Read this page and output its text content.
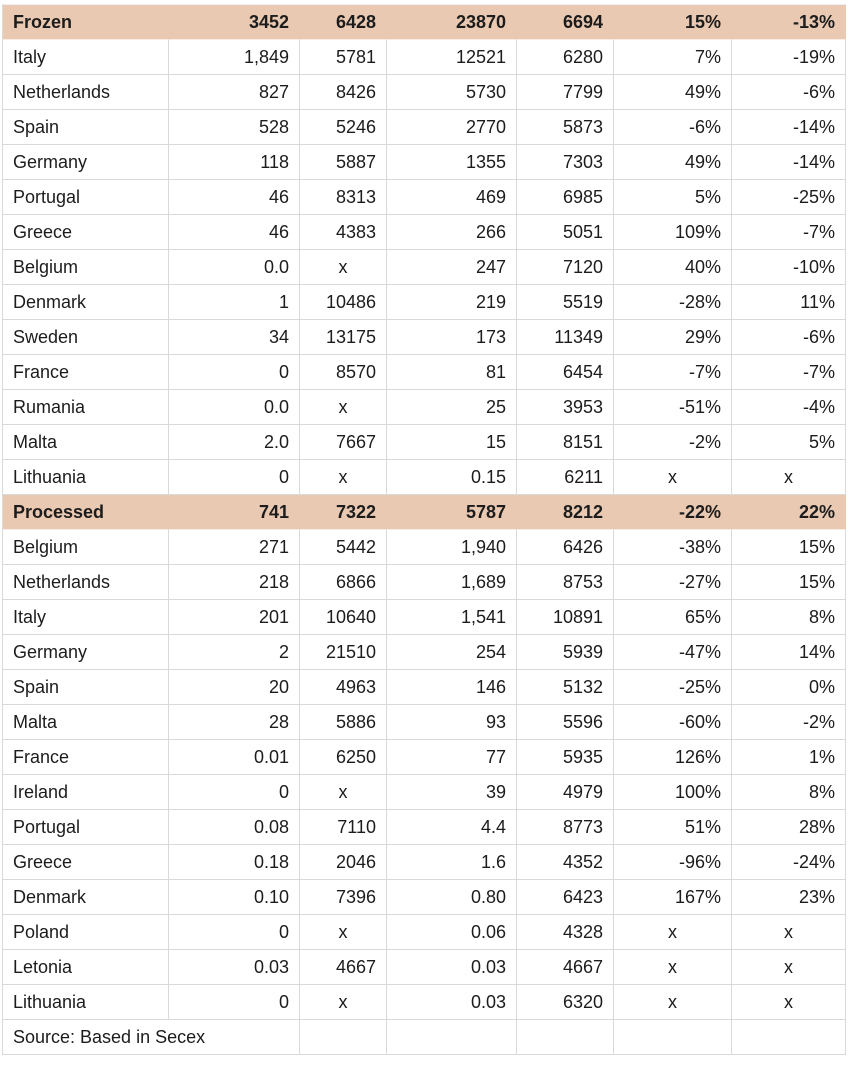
Frozen	3452	6428	23870	6694	15%	-13%
Italy	1,849	5781	12521	6280	7%	-19%
Netherlands	827	8426	5730	7799	49%	-6%
Spain	528	5246	2770	5873	-6%	-14%
Germany	118	5887	1355	7303	49%	-14%
Portugal	46	8313	469	6985	5%	-25%
Greece	46	4383	266	5051	109%	-7%
Belgium	0.0	x	247	7120	40%	-10%
Denmark	1	10486	219	5519	-28%	11%
Sweden	34	13175	173	11349	29%	-6%
France	0	8570	81	6454	-7%	-7%
Rumania	0.0	x	25	3953	-51%	-4%
Malta	2.0	7667	15	8151	-2%	5%
Lithuania	0	x	0.15	6211	x	x
Processed	741	7322	5787	8212	-22%	22%
Belgium	271	5442	1,940	6426	-38%	15%
Netherlands	218	6866	1,689	8753	-27%	15%
Italy	201	10640	1,541	10891	65%	8%
Germany	2	21510	254	5939	-47%	14%
Spain	20	4963	146	5132	-25%	0%
Malta	28	5886	93	5596	-60%	-2%
France	0.01	6250	77	5935	126%	1%
Ireland	0	x	39	4979	100%	8%
Portugal	0.08	7110	4.4	8773	51%	28%
Greece	0.18	2046	1.6	4352	-96%	-24%
Denmark	0.10	7396	0.80	6423	167%	23%
Poland	0	x	0.06	4328	x	x
Letonia	0.03	4667	0.03	4667	x	x
Lithuania	0	x	0.03	6320	x	x
Source: Based in Secex						
